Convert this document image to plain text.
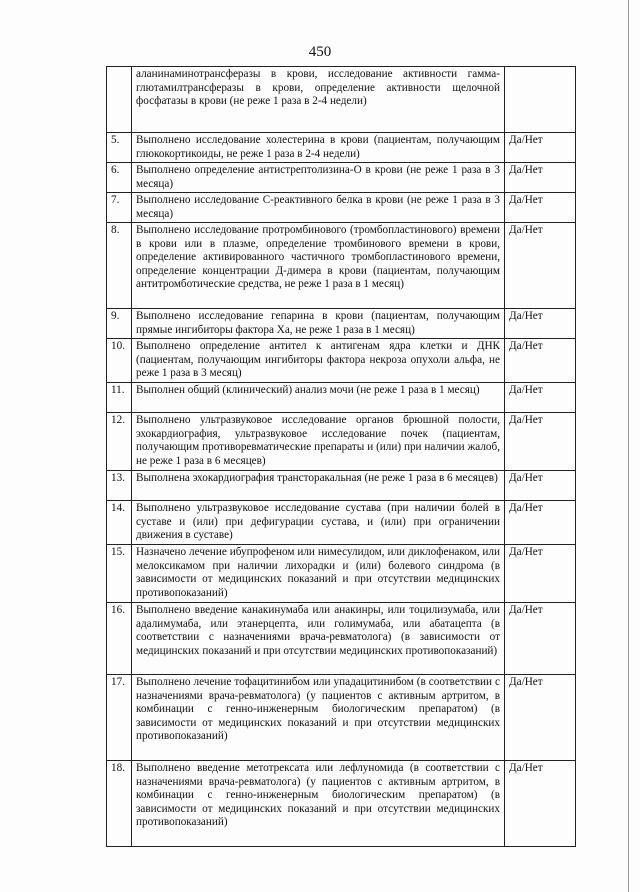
450
	аланинаминотрансферазы в крови, исследование активности гамма-глютамилтрансферазы в крови, определение активности щелочной фосфатазы в крови (не реже 1 раза в 2-4 недели)	
5.	Выполнено исследование холестерина в крови (пациентам, получающим глюкокортикоиды, не реже 1 раза в 2-4 недели)	Да/Нет
6.	Выполнено определение антистрептолизина-О в крови (не реже 1 раза в 3 месяца)	Да/Нет
7.	Выполнено исследование С-реактивного белка в крови (не реже 1 раза в 3 месяца)	Да/Нет
8.	Выполнено исследование протромбинового (тромбопластинового) времени в крови или в плазме, определение тромбинового времени в крови, определение активированного частичного тромбопластинового времени, определение концентрации Д-димера в крови (пациентам, получающим антитромботические средства, не реже 1 раза в 1 месяц)	Да/Нет
9.	Выполнено исследование гепарина в крови (пациентам, получающим прямые ингибиторы фактора Ха, не реже 1 раза в 1 месяц)	Да/Нет
10.	Выполнено определение антител к антигенам ядра клетки и ДНК (пациентам, получающим ингибиторы фактора некроза опухоли альфа, не реже 1 раза в 3 месяц)	Да/Нет
11.	Выполнен общий (клинический) анализ мочи (не реже 1 раза в 1 месяц)	Да/Нет
12.	Выполнено ультразвуковое исследование органов брюшной полости, эхокардиография, ультразвуковое исследование почек (пациентам, получающим противоревматические препараты и (или) при наличии жалоб, не реже 1 раза в 6 месяцев)	Да/Нет
13.	Выполнена эхокардиография трансторакальная (не реже 1 раза в 6 месяцев)	Да/Нет
14.	Выполнено ультразвуковое исследование сустава (при наличии болей в суставе и (или) при дефигурации сустава, и (или) при ограничении движения в суставе)	Да/Нет
15.	Назначено лечение ибупрофеном или нимесулидом, или диклофенаком, или мелоксикамом при наличии лихорадки и (или) болевого синдрома (в зависимости от медицинских показаний и при отсутствии медицинских противопоказаний)	Да/Нет
16.	Выполнено введение канакинумаба или анакинры, или тоцилизумаба, или адалимумаба, или этанерцепта, или голимумаба, или абатацепта (в соответствии с назначениями врача-ревматолога) (в зависимости от медицинских показаний и при отсутствии медицинских противопоказаний)	Да/Нет
17.	Выполнено лечение тофацитинибом или упадацитинибом (в соответствии с назначениями врача-ревматолога) (у пациентов с активным артритом, в комбинации с генно-инженерным биологическим препаратом) (в зависимости от медицинских показаний и при отсутствии медицинских противопоказаний)	Да/Нет
18.	Выполнено введение метотрексата или лефлуномида (в соответствии с назначениями врача-ревматолога) (у пациентов с активным артритом, в комбинации с генно-инженерным биологическим препаратом) (в зависимости от медицинских показаний и при отсутствии медицинских противопоказаний)	Да/Нет
